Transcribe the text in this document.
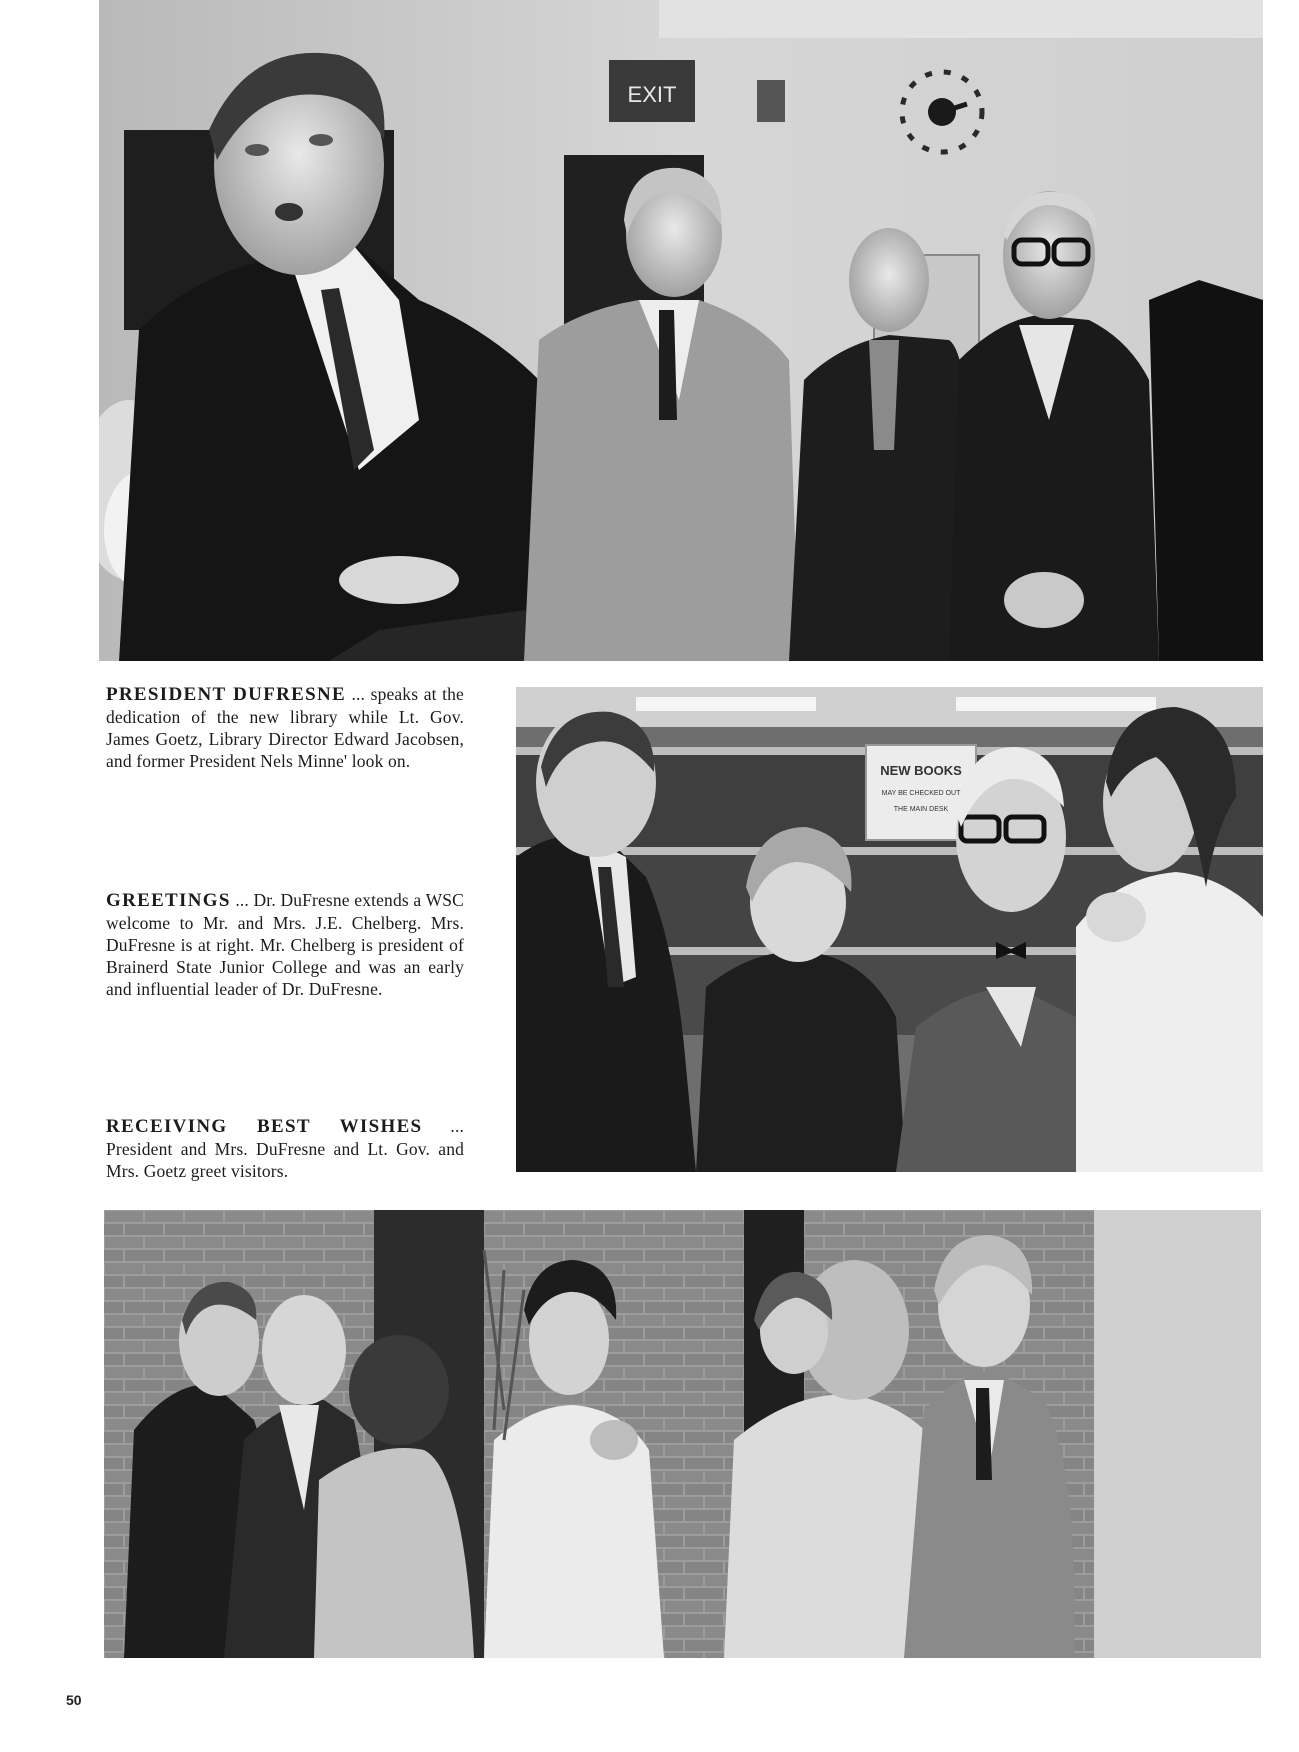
EXIT
PRESIDENT DUFRESNE ... speaks at the dedication of the new library while Lt. Gov. James Goetz, Library Director Edward Jacobsen, and former President Nels Minne' look on.
GREETINGS ... Dr. DuFresne extends a WSC welcome to Mr. and Mrs. J.E. Chelberg. Mrs. DuFresne is at right. Mr. Chelberg is president of Brainerd State Junior College and was an early and influential leader of Dr. DuFresne.
RECEIVING BEST WISHES ... President and Mrs. DuFresne and Lt. Gov. and Mrs. Goetz greet visitors.
NEW BOOKS
MAY BE CHECKED OUT
THE MAIN DESK
50
